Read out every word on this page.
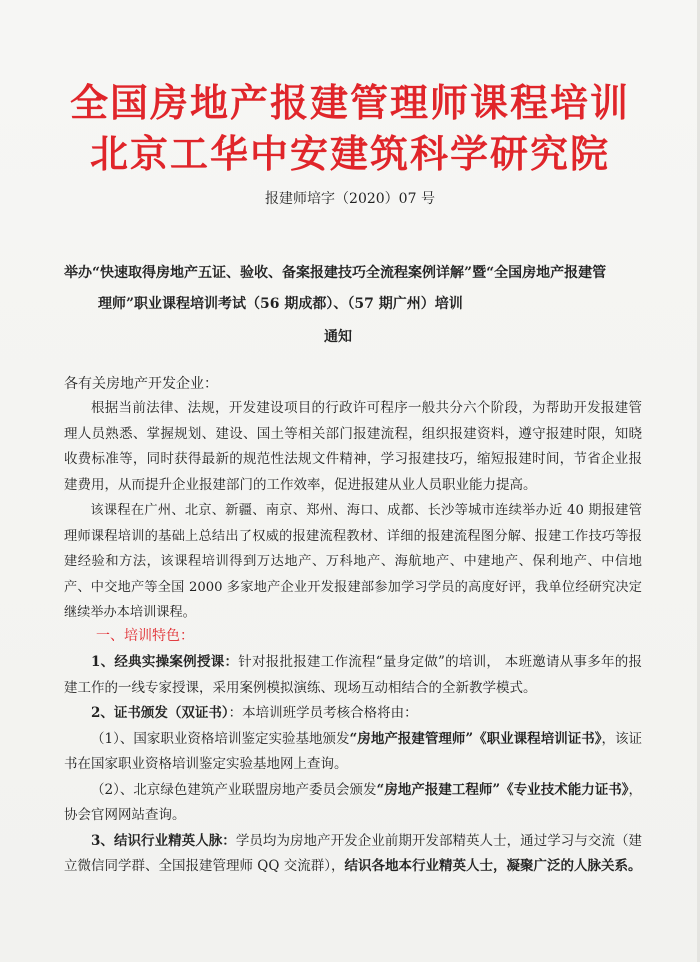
全国房地产报建管理师课程培训
北京工华中安建筑科学研究院
报建师培字（2020）07 号
举办“快速取得房地产五证、验收、备案报建技巧全流程案例详解”暨“全国房地产报建管
理师”职业课程培训考试（56 期成都）、（57 期广州）培训
通知
各有关房地产开发企业：

根据当前法律、法规，开发建设项目的行政许可程序一般共分六个阶段，为帮助开发报建管理人员熟悉、掌握规划、建设、国土等相关部门报建流程，组织报建资料，遵守报建时限，知晓收费标准等，同时获得最新的规范性法规文件精神，学习报建技巧，缩短报建时间，节省企业报建费用，从而提升企业报建部门的工作效率，促进报建从业人员职业能力提高。

该课程在广州、北京、新疆、南京、郑州、海口、成都、长沙等城市连续举办近 40 期报建管理师课程培训的基础上总结出了权威的报建流程教材、详细的报建流程图分解、报建工作技巧等报建经验和方法，该课程培训得到万达地产、万科地产、海航地产、中建地产、保利地产、中信地产、中交地产等全国 2000 多家地产企业开发报建部参加学习学员的高度好评，我单位经研究决定继续举办本培训课程。

一、培训特色：

1、经典实操案例授课：针对报批报建工作流程“量身定做”的培训， 本班邀请从事多年的报建工作的一线专家授课，采用案例模拟演练、现场互动相结合的全新教学模式。

2、证书颁发（双证书）：本培训班学员考核合格将由：

（1）、国家职业资格培训鉴定实验基地颁发“房地产报建管理师”《职业课程培训证书》，该证书在国家职业资格培训鉴定实验基地网上查询。

（2）、北京绿色建筑产业联盟房地产委员会颁发“房地产报建工程师”《专业技术能力证书》，协会官网网站查询。

3、结识行业精英人脉：学员均为房地产开发企业前期开发部精英人士，通过学习与交流（建立微信同学群、全国报建管理师 QQ 交流群），结识各地本行业精英人士，凝聚广泛的人脉关系。
